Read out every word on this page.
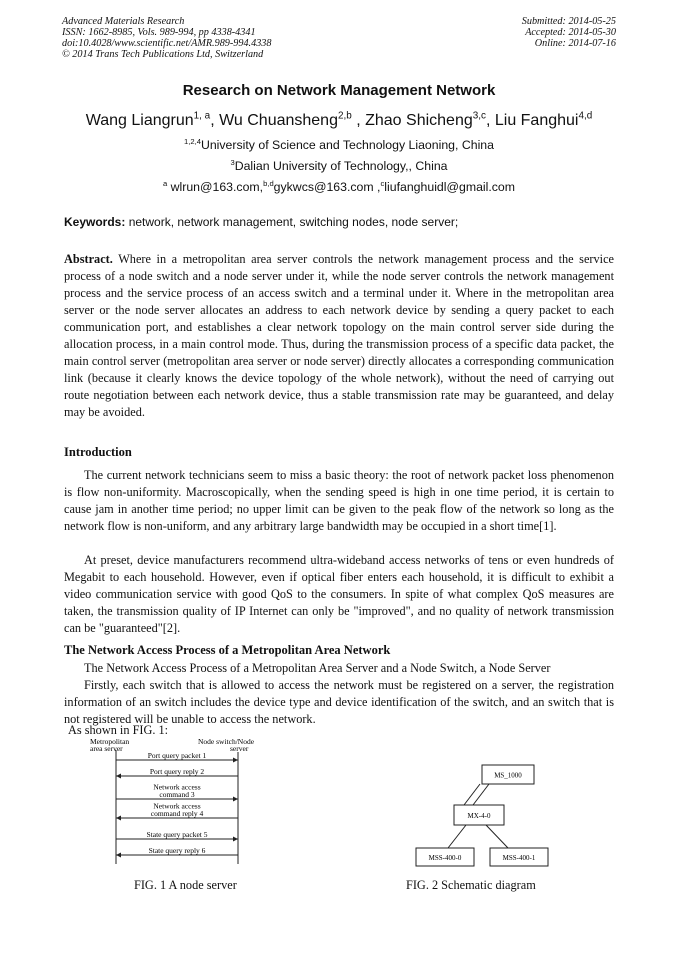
Advanced Materials Research
ISSN: 1662-8985, Vols. 989-994, pp 4338-4341
doi:10.4028/www.scientific.net/AMR.989-994.4338
© 2014 Trans Tech Publications Ltd, Switzerland
Submitted: 2014-05-25
Accepted: 2014-05-30
Online: 2014-07-16
Research on Network Management Network
Wang Liangrun$^{1, a}$, Wu Chuansheng$^{2,b}$ , Zhao Shicheng$^{3,c}$, Liu Fanghui$^{4,d}$
$^{1,2,4}$University of Science and Technology Liaoning, China
$^3$Dalian University of Technology,, China
$^a$ wlrun@163.com,$^{b,d}$gykwcs@163.com ,$^c$liufanghuidl@gmail.com
Keywords: network, network management, switching nodes, node server;
Abstract. Where in a metropolitan area server controls the network management process and the service process of a node switch and a node server under it, while the node server controls the network management process and the service process of an access switch and a terminal under it. Where in the metropolitan area server or the node server allocates an address to each network device by sending a query packet to each communication port, and establishes a clear network topology on the main control server side during the allocation process, in a main control mode. Thus, during the transmission process of a specific data packet, the main control server (metropolitan area server or node server) directly allocates a corresponding communication link (because it clearly knows the device topology of the whole network), without the need of carrying out route negotiation between each network device, thus a stable transmission rate may be guaranteed, and delay may be avoided.
Introduction
The current network technicians seem to miss a basic theory: the root of network packet loss phenomenon is flow non-uniformity. Macroscopically, when the sending speed is high in one time period, it is certain to cause jam in another time period; no upper limit can be given to the peak flow of the network so long as the network flow is non-uniform, and any arbitrary large bandwidth may be occupied in a short time[1].
At preset, device manufacturers recommend ultra-wideband access networks of tens or even hundreds of Megabit to each household. However, even if optical fiber enters each household, it is difficult to exhibit a video communication service with good QoS to the consumers. In spite of what complex QoS measures are taken, the transmission quality of IP Internet can only be "improved", and no quality of network transmission can be "guaranteed"[2].
The Network Access Process of a Metropolitan Area Network
The Network Access Process of a Metropolitan Area Server and a Node Switch, a Node Server
Firstly, each switch that is allowed to access the network must be registered on a server, the registration information of an switch includes the device type and device identification of the switch, and an switch that is not registered will be unable to access the network.
As shown in FIG. 1:
Metropolitan
area server
Node switch/Node
server
Port query packet 1
Port query reply 2
Network access
command 3
Network access
command reply 4
State query packet 5
State query reply 6
FIG. 1 A node server
MS_1000
MX-4-0
MSS-400-0	MSS-400-1
FIG. 2 Schematic diagram
